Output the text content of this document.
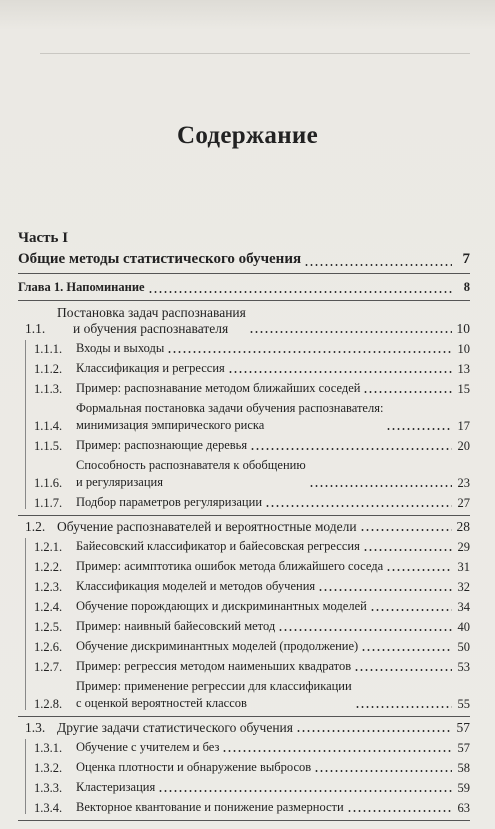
Содержание
Часть I
Общие методы статистического обучения	7
Глава 1. Напоминание	8
1.1.
Постановка задач распознавания
и обучения распознавателя	10
1.1.1.	Входы и выходы	10
1.1.2.	Классификация и регрессия	13
1.1.3.	Пример: распознавание методом ближайших соседей	15
1.1.4.
Формальная постановка задачи обучения распознавателя:
минимизация эмпирического риска	17
1.1.5.	Пример: распознающие деревья	20
1.1.6.
Способность распознавателя к обобщению
и регуляризация	23
1.1.7.	Подбор параметров регуляризации	27
1.2. Обучение распознавателей и вероятностные модели	28
1.2.1.	Байесовский классификатор и байесовская регрессия	29
1.2.2.	Пример: асимптотика ошибок метода ближайшего соседа	31
1.2.3.	Классификация моделей и методов обучения	32
1.2.4.	Обучение порождающих и дискриминантных моделей	34
1.2.5.	Пример: наивный байесовский метод	40
1.2.6.	Обучение дискриминантных моделей (продолжение)	50
1.2.7.	Пример: регрессия методом наименьших квадратов	53
1.2.8.
Пример: применение регрессии для классификации
с оценкой вероятностей классов	55
1.3. Другие задачи статистического обучения	57
1.3.1.	Обучение с учителем и без	57
1.3.2.	Оценка плотности и обнаружение выбросов	58
1.3.3.	Кластеризация	59
1.3.4.	Векторное квантование и понижение размерности	63
